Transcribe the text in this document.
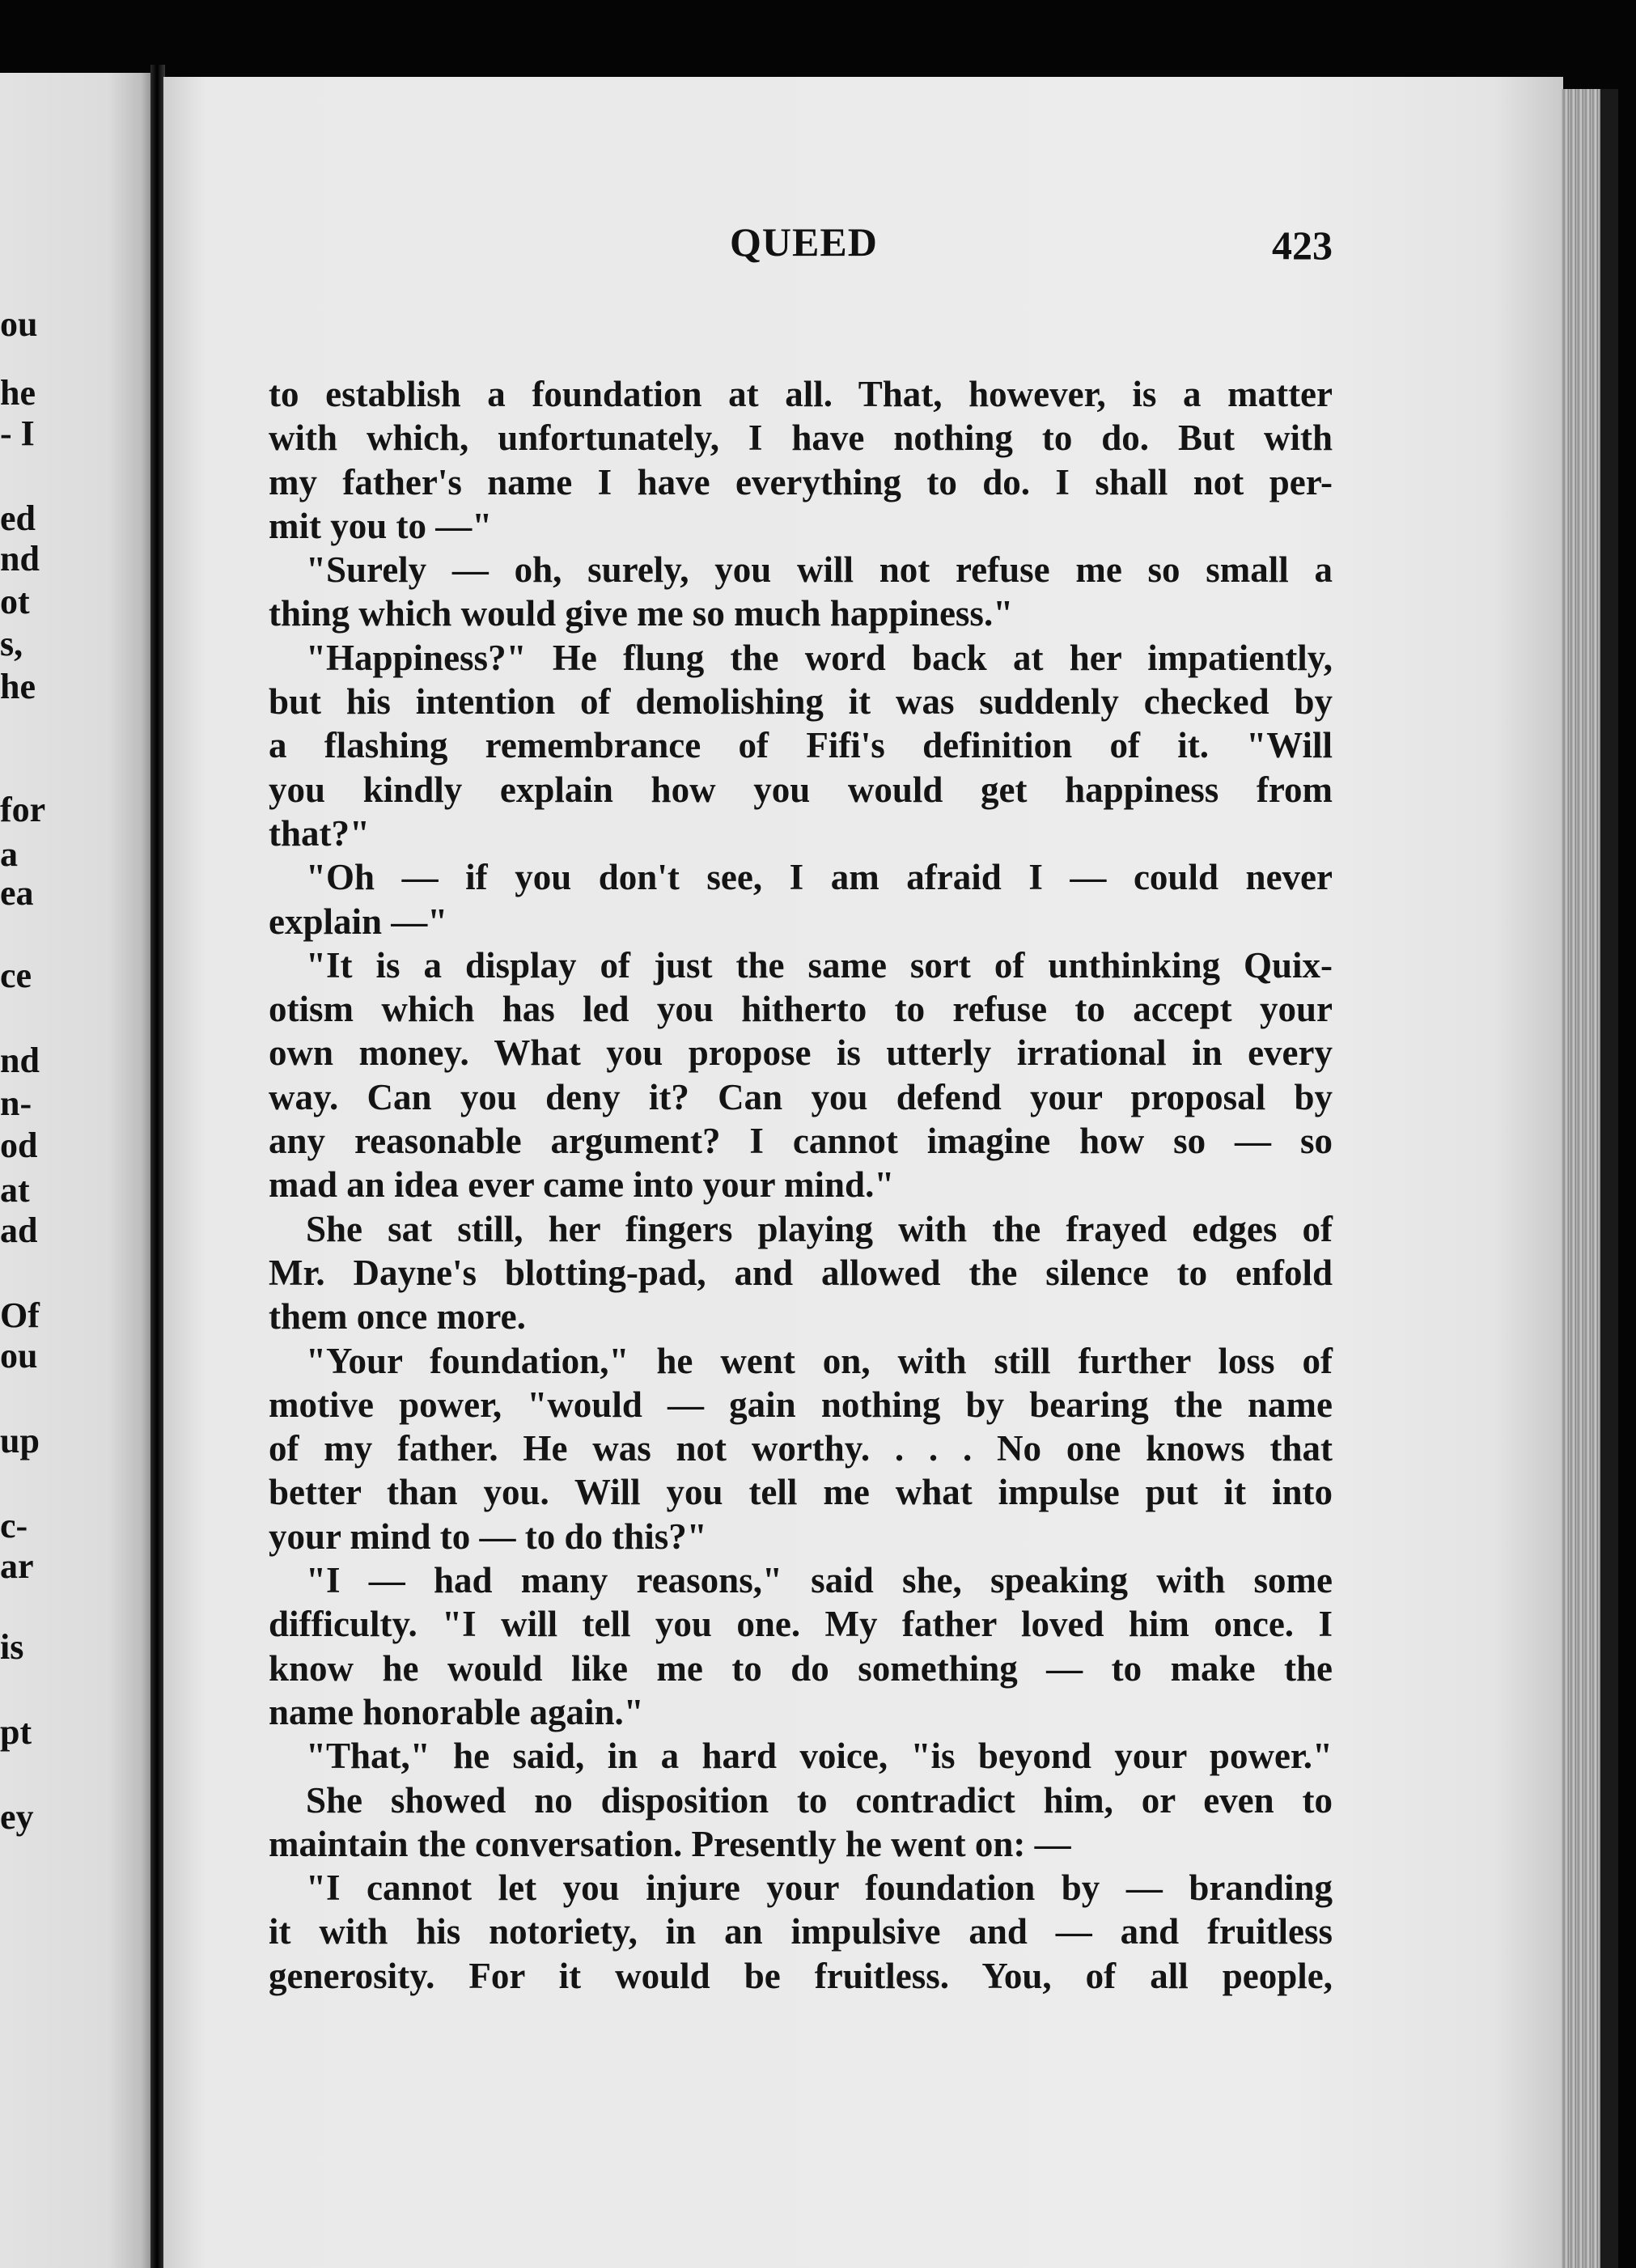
ou
he
- I
ed
nd
ot
s,
he
for
a
ea
ce
nd
n-
od
at
ad
Of
ou
up
c-
ar
is
pt
ey
QUEED	423
to establish a foundation at all. That, however, is a matter
with which, unfortunately, I have nothing to do. But with
my father's name I have everything to do. I shall not per-
mit you to —"
"Surely — oh, surely, you will not refuse me so small a
thing which would give me so much happiness."
"Happiness?" He flung the word back at her impatiently,
but his intention of demolishing it was suddenly checked by
a flashing remembrance of Fifi's definition of it. "Will
you kindly explain how you would get happiness from
that?"
"Oh — if you don't see, I am afraid I — could never
explain —"
"It is a display of just the same sort of unthinking Quix-
otism which has led you hitherto to refuse to accept your
own money. What you propose is utterly irrational in every
way. Can you deny it? Can you defend your proposal by
any reasonable argument? I cannot imagine how so — so
mad an idea ever came into your mind."
She sat still, her fingers playing with the frayed edges of
Mr. Dayne's blotting-pad, and allowed the silence to enfold
them once more.
"Your foundation," he went on, with still further loss of
motive power, "would — gain nothing by bearing the name
of my father. He was not worthy. . . . No one knows that
better than you. Will you tell me what impulse put it into
your mind to — to do this?"
"I — had many reasons," said she, speaking with some
difficulty. "I will tell you one. My father loved him once. I
know he would like me to do something — to make the
name honorable again."
"That," he said, in a hard voice, "is beyond your power."
She showed no disposition to contradict him, or even to
maintain the conversation. Presently he went on: —
"I cannot let you injure your foundation by — branding
it with his notoriety, in an impulsive and — and fruitless
generosity. For it would be fruitless. You, of all people,
